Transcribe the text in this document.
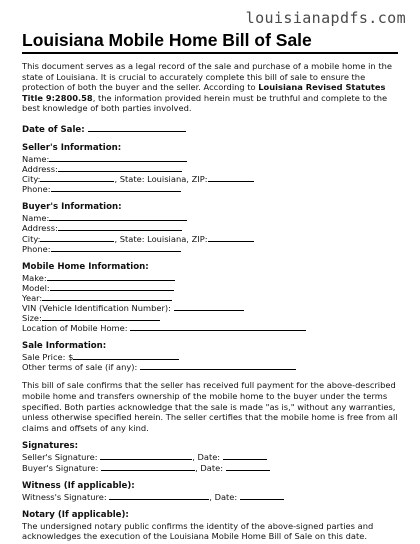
louisianapdfs.com
Louisiana Mobile Home Bill of Sale

This document serves as a legal record of the sale and purchase of a mobile home in the state of Louisiana. It is crucial to accurately complete this bill of sale to ensure the protection of both the buyer and the seller. According to Louisiana Revised Statutes Title 9:2800.58, the information provided herein must be truthful and complete to the best knowledge of both parties involved.

Date of Sale:
Seller's Information:
Name:
Address:
City:	, State: Louisiana, ZIP:
Phone:
Buyer's Information:
Name:
Address:
City:	, State: Louisiana, ZIP:
Phone:
Mobile Home Information:
Make:
Model:
Year:
VIN (Vehicle Identification Number):
Size:
Location of Mobile Home:
Sale Information:
Sale Price: $
Other terms of sale (if any):

This bill of sale confirms that the seller has received full payment for the above-described mobile home and transfers ownership of the mobile home to the buyer under the terms specified. Both parties acknowledge that the sale is made "as is," without any warranties, unless otherwise specified herein. The seller certifies that the mobile home is free from all claims and offsets of any kind.

Signatures:
Seller's Signature:	, Date:
Buyer's Signature:	, Date:
Witness (If applicable):
Witness's Signature:	, Date:
Notary (If applicable):

The undersigned notary public confirms the identity of the above-signed parties and acknowledges the execution of the Louisiana Mobile Home Bill of Sale on this date.
